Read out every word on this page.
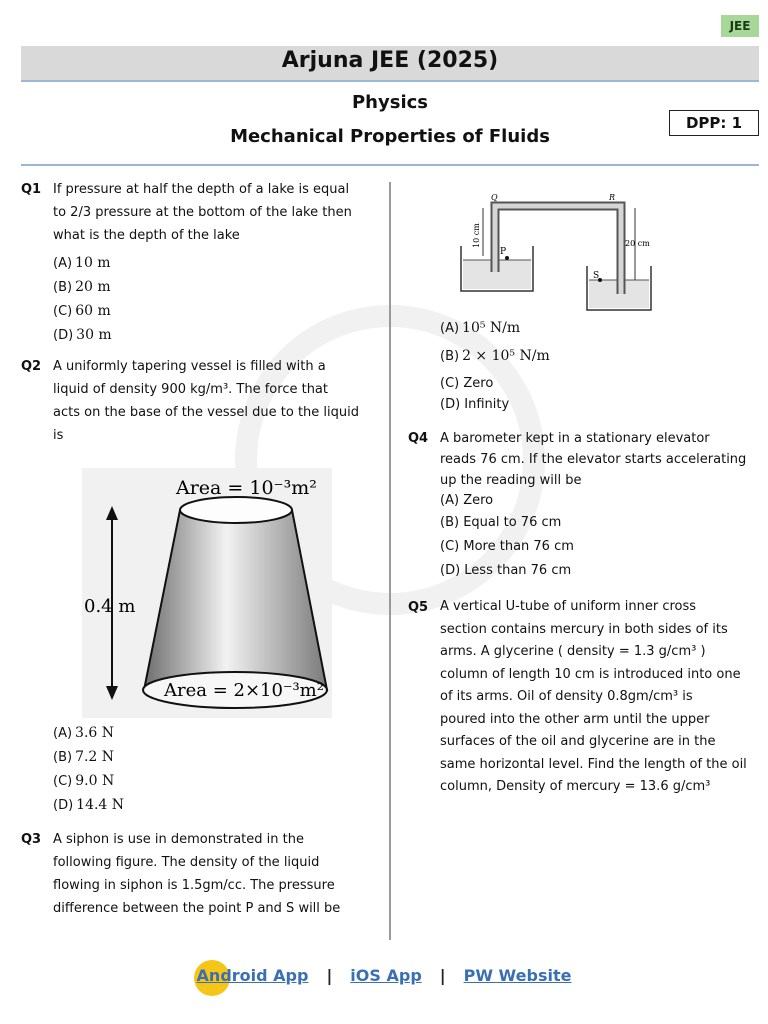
JEE
Arjuna JEE (2025)
Physics
Mechanical Properties of Fluids
DPP: 1
Q1 If pressure at half the depth of a lake is equal
to 2/3 pressure at the bottom of the lake then
what is the depth of the lake
(A) 10 m
(B) 20 m
(C) 60 m
(D) 30 m
Q2 A uniformly tapering vessel is filled with a
liquid of density 900 kg/m³. The force that
acts on the base of the vessel due to the liquid
is
Area = 10⁻³m²
Area = 2×10⁻³m²
0.4 m
(A) 3.6 N
(B) 7.2 N
(C) 9.0 N
(D) 14.4 N
Q3 A siphon is use in demonstrated in the
following figure. The density of the liquid
flowing in siphon is 1.5gm/cc. The pressure
difference between the point P and S will be
Q	R
P
S
10 cm	20 cm
(A) 10⁵ N/m
(B) 2 × 10⁵ N/m
(C) Zero
(D) Infinity
Q4 A barometer kept in a stationary elevator
reads 76 cm. If the elevator starts accelerating
up the reading will be
(A) Zero
(B) Equal to 76 cm
(C) More than 76 cm
(D) Less than 76 cm
Q5 A vertical U-tube of uniform inner cross
section contains mercury in both sides of its
arms. A glycerine ( density = 1.3 g/cm³ )
column of length 10 cm is introduced into one
of its arms. Oil of density 0.8gm/cm³ is
poured into the other arm until the upper
surfaces of the oil and glycerine are in the
same horizontal level. Find the length of the oil
column, Density of mercury = 13.6 g/cm³
Android App | iOS App | PW Website
